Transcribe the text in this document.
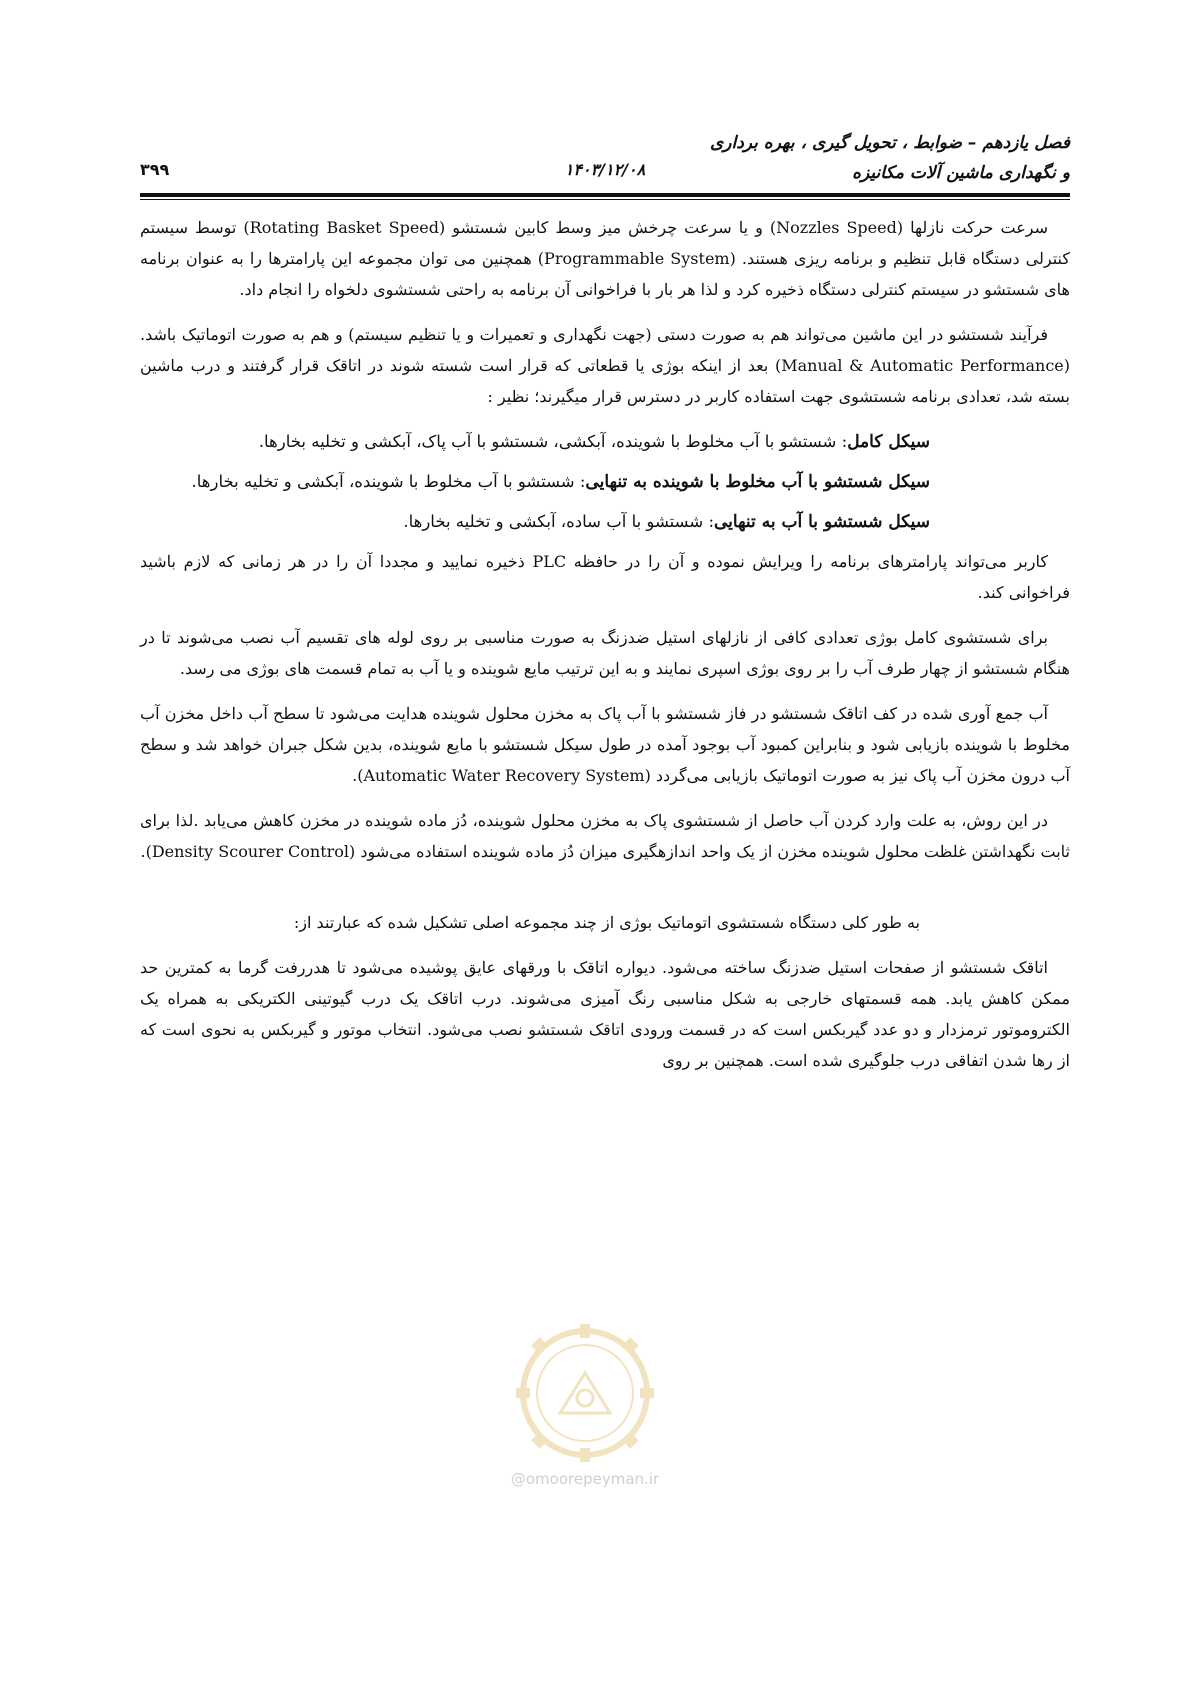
فصل یازدهم – ضوابط ، تحویل گیری ، بهره برداری
و نگهداری ماشین آلات مکانیزه
۱۴۰۳/۱۲/۰۸
۳۹۹

سرعت حرکت نازلها (Nozzles Speed) و یا سرعت چرخش میز وسط کابین شستشو (Rotating Basket Speed) توسط سیستم کنترلی دستگاه قابل تنظیم و برنامه ریزی هستند. (Programmable System) همچنین می توان مجموعه این پارامترها را به عنوان برنامه های شستشو در سیستم کنترلی دستگاه ذخیره کرد و لذا هر بار با فراخوانی آن برنامه به راحتی شستشوی دلخواه را انجام داد.

فرآیند شستشو در این ماشین می‌تواند هم به صورت دستی (جهت نگهداری و تعمیرات و یا تنظیم سیستم) و هم به صورت اتوماتیک باشد. (Manual & Automatic Performance) بعد از اینکه بوژی یا قطعاتی که قرار است شسته شوند در اتاقک قرار گرفتند و درب ماشین بسته شد، تعدادی برنامه شستشوی جهت استفاده کاربر در دسترس قرار میگیرند؛ نظیر :

سیکل کامل: شستشو با آب مخلوط با شوینده، آبکشی، شستشو با آب پاک، آبکشی و تخلیه بخارها.

سیکل شستشو با آب مخلوط با شوینده به تنهایی: شستشو با آب مخلوط با شوینده، آبکشی و تخلیه بخارها.

سیکل شستشو با آب به تنهایی: شستشو با آب ساده، آبکشی و تخلیه بخارها.

کاربر می‌تواند پارامترهای برنامه را ویرایش نموده و آن را در حافظه PLC ذخیره نمایید و مجددا آن را در هر زمانی که لازم باشید فراخوانی کند.

برای شستشوی کامل بوژی تعدادی کافی از نازلهای استیل ضدزنگ به صورت مناسبی بر روی لوله های تقسیم آب نصب می‌شوند تا در هنگام شستشو از چهار طرف آب را بر روی بوژی اسپری نمایند و به این ترتیب مایع شوینده و یا آب به تمام قسمت های بوژی می رسد.

آب جمع آوری شده در کف اتاقک شستشو در فاز شستشو با آب پاک به مخزن محلول شوینده هدایت می‌شود تا سطح آب داخل مخزن آب مخلوط با شوینده بازیابی شود و بنابراین کمبود آب بوجود آمده در طول سیکل شستشو با مایع شوینده، بدین شکل جبران خواهد شد و سطح آب درون مخزن آب پاک نیز به صورت اتوماتیک بازیابی می‌گردد (Automatic Water Recovery System).

در این روش، به علت وارد کردن آب حاصل از شستشوی پاک به مخزن محلول شوینده، دُز ماده شوینده در مخزن کاهش می‌یابد .لذا برای ثابت نگهداشتن غلظت محلول شوینده مخزن از یک واحد اندازهگیری میزان دُز ماده شوینده استفاده می‌شود (Density Scourer Control).

به طور کلی دستگاه شستشوی اتوماتیک بوژی از چند مجموعه اصلی تشکیل شده که عبارتند از:

اتاقک شستشو از صفحات استیل ضدزنگ ساخته می‌شود. دیواره اتاقک با ورقهای عایق پوشیده می‌شود تا هدررفت گرما به کمترین حد ممکن کاهش یابد. همه قسمتهای خارجی به شکل مناسبی رنگ آمیزی می‌شوند. درب اتاقک یک درب گیوتینی الکتریکی به همراه یک الکتروموتور ترمزدار و دو عدد گیربکس است که در قسمت ورودی اتاقک شستشو نصب می‌شود. انتخاب موتور و گیربکس به نحوی است که از رها شدن اتفاقی درب جلوگیری شده است. همچنین بر روی

@omoorepeyman.ir
